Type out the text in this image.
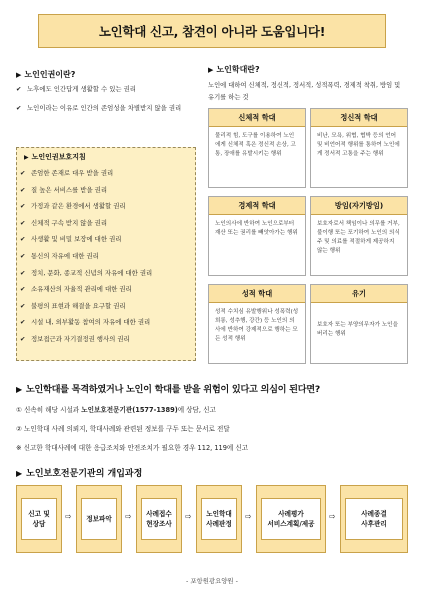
노인학대 신고, 참견이 아니라 도움입니다!
▶ 노인인권이란?
✔ 노후에도 인간답게 생활할 수 있는 권리
✔ 노인이라는 이유로 인간의 존엄성을 차별받지 않을 권리
▶ 노인인권보호지침
✔ 존엄한 존재로 대우 받을 권리
✔ 질 높은 서비스를 받을 권리
✔ 가정과 같은 환경에서 생활할 권리
✔ 신체적 구속 받지 않을 권리
✔ 사생활 및 비밀 보장에 대한 권리
✔ 통신의 자유에 대한 권리
✔ 정치, 문화, 종교적 신념의 자유에 대한 권리
✔ 소유재산의 자율적 관리에 대한 권리
✔ 불평의 표현과 해결을 요구할 권리
✔ 시설 내, 외부활동 참여의 자유에 대한 권리
✔ 정보접근과 자기결정권 행사의 권리
▶ 노인학대란?
노인에 대하여 신체적, 정신적, 정서적, 성적폭력, 경제적 착취, 방임 및 유기를 하는 것
신체적 학대
물리적 힘, 도구를 이용하여 노인에게 신체적 혹은 정신적 손상, 고통, 장애를 유발시키는 행위
정신적 학대
비난, 모욕, 위협, 협박 등의 언어 및 비언어적 행위를 통하여 노인에게 정서적 고통을 주는 행위
경제적 학대
노인의사에 반하여 노인으로부터 재산 또는 권리를 빼앗아가는 행위
방임(자기방임)
보호자로서 책임이나 의무를 거부, 불이행 또는 포기하여 노인의 의식주 및 의료를 적절하게 제공하지 않는 행위
성적 학대
성적 수치심 유발행위나 성폭력(성희롱, 성추행, 강간) 등 노인의 의사에 반하여 강제적으로 행하는 모든 성적 행위
유기
보호자 또는 부양의무자가 노인을 버리는 행위
▶ 노인학대를 목격하였거나 노인이 학대를 받을 위험이 있다고 의심이 된다면?
① 신속히 해당 시설과 노인보호전문기관(1577-1389)에 상담, 신고
② 노인학대 사례 의뢰지, 학대사례와 관련된 정보를 구두 또는 문서로 전달
※ 신고한 학대사례에 대한 응급조치와 안전조치가 필요한 경우 112, 119에 신고
▶ 노인보호전문기관의 개입과정
신고 및
상담
⇨	정보파악	⇨	사례접수
현장조사
⇨	노인학대
사례판정
⇨	사례평가
서비스계획/제공
⇨	사례종결
사후관리
- 포항원광요양원 -
